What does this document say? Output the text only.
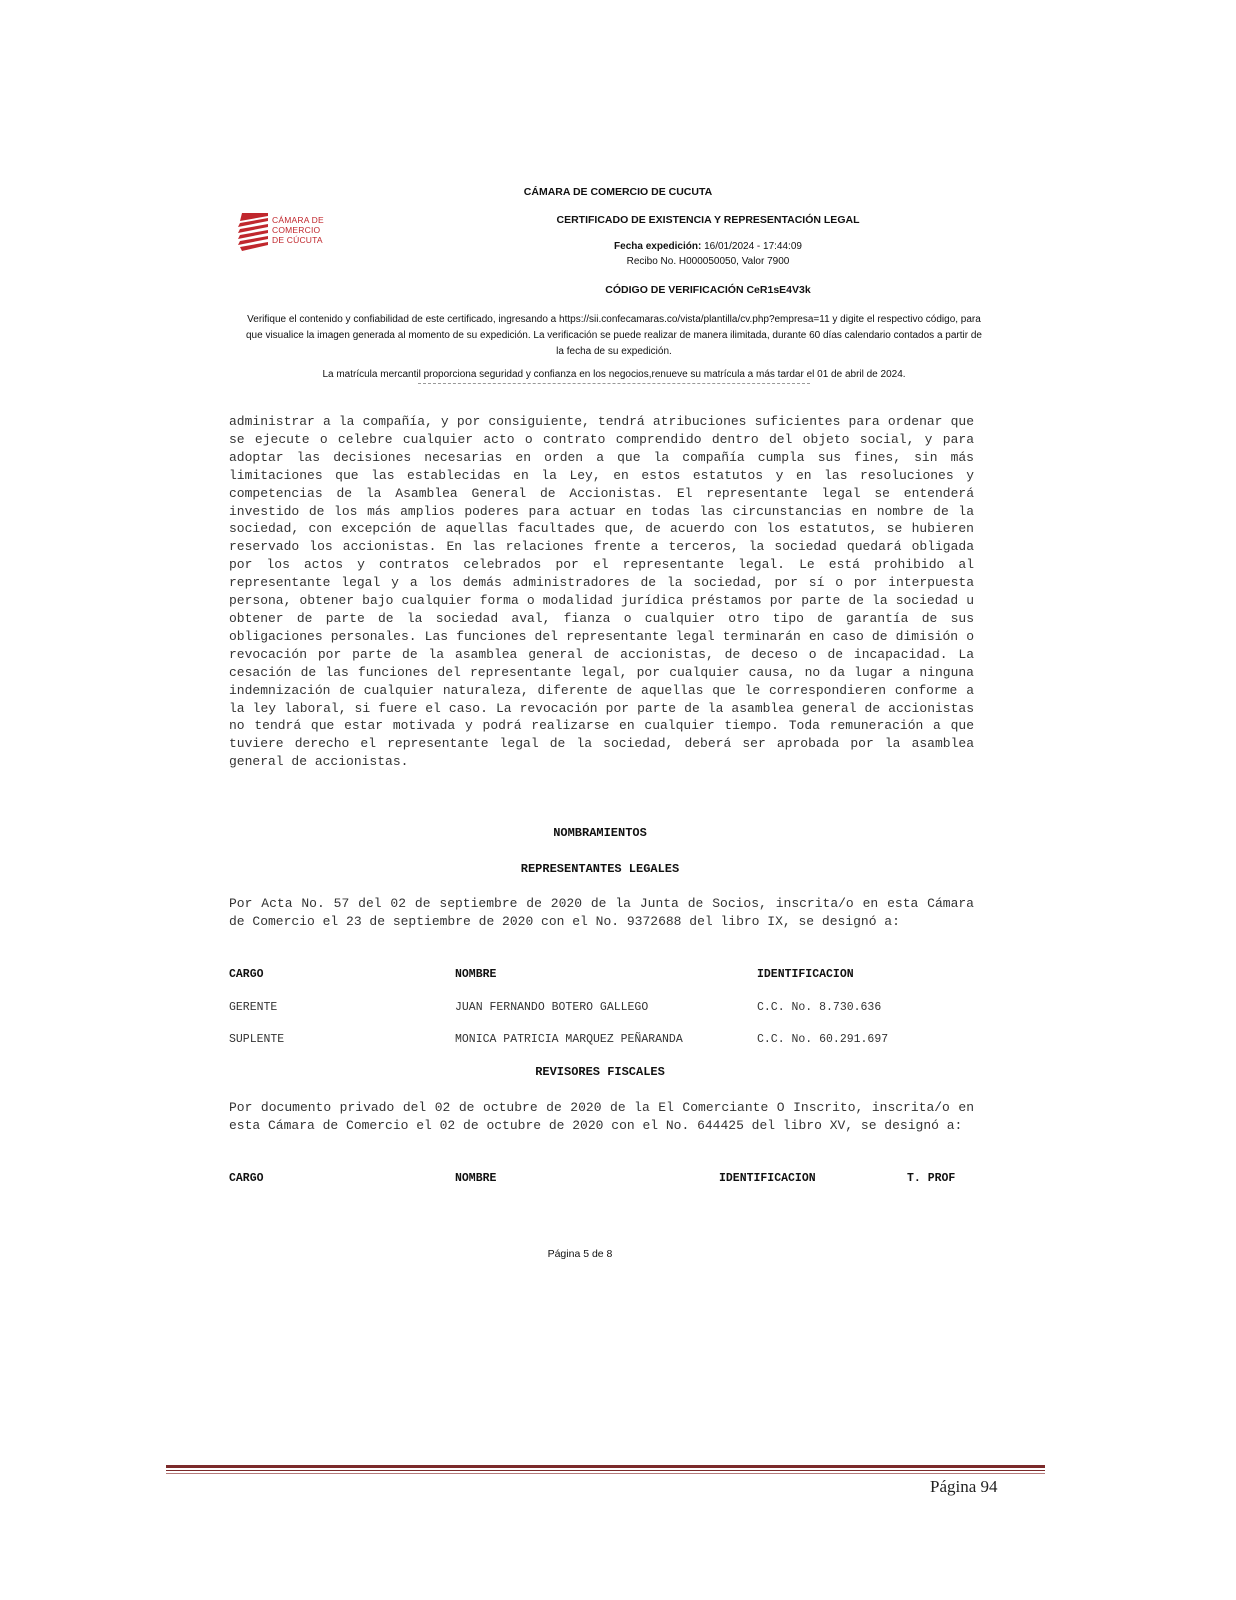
CÁMARA DE
COMERCIO
DE CÚCUTA
CÁMARA DE COMERCIO DE CUCUTA
CERTIFICADO DE EXISTENCIA Y REPRESENTACIÓN LEGAL
Fecha expedición: 16/01/2024 - 17:44:09
Recibo No. H000050050, Valor 7900
CÓDIGO DE VERIFICACIÓN CeR1sE4V3k
Verifique el contenido y confiabilidad de este certificado, ingresando a https://sii.confecamaras.co/vista/plantilla/cv.php?empresa=11 y digite el respectivo código, para que visualice la imagen generada al momento de su expedición. La verificación se puede realizar de manera ilimitada, durante 60 días calendario contados a partir de la fecha de su expedición.
La matrícula mercantil proporciona seguridad y confianza en los negocios,renueve su matrícula a más tardar el 01 de abril de 2024.

administrar a la compañía, y por consiguiente, tendrá atribuciones suficientes para ordenar que se ejecute o celebre cualquier acto o contrato comprendido dentro del objeto social, y para adoptar las decisiones necesarias en orden a que la compañía cumpla sus fines, sin más limitaciones que las establecidas en la Ley, en estos estatutos y en las resoluciones y competencias de la Asamblea General de Accionistas. El representante legal se entenderá investido de los más amplios poderes para actuar en todas las circunstancias en nombre de la sociedad, con excepción de aquellas facultades que, de acuerdo con los estatutos, se hubieren reservado los accionistas. En las relaciones frente a terceros, la sociedad quedará obligada por los actos y contratos celebrados por el representante legal. Le está prohibido al representante legal y a los demás administradores de la sociedad, por sí o por interpuesta persona, obtener bajo cualquier forma o modalidad jurídica préstamos por parte de la sociedad u obtener de parte de la sociedad aval, fianza o cualquier otro tipo de garantía de sus obligaciones personales. Las funciones del representante legal terminarán en caso de dimisión o revocación por parte de la asamblea general de accionistas, de deceso o de incapacidad. La cesación de las funciones del representante legal, por cualquier causa, no da lugar a ninguna indemnización de cualquier naturaleza, diferente de aquellas que le correspondieren conforme a la ley laboral, si fuere el caso. La revocación por parte de la asamblea general de accionistas no tendrá que estar motivada y podrá realizarse en cualquier tiempo. Toda remuneración a que tuviere derecho el representante legal de la sociedad, deberá ser aprobada por la asamblea general de accionistas.

NOMBRAMIENTOS
REPRESENTANTES LEGALES

Por Acta No. 57 del 02 de septiembre de 2020 de la Junta de Socios, inscrita/o en esta Cámara de Comercio el 23 de septiembre de 2020 con el No. 9372688 del libro IX, se designó a:

CARGO	NOMBRE	IDENTIFICACION
GERENTE	JUAN FERNANDO BOTERO GALLEGO	C.C. No. 8.730.636
SUPLENTE	MONICA PATRICIA MARQUEZ PEÑARANDA	C.C. No. 60.291.697
REVISORES FISCALES

Por documento privado del 02 de octubre de 2020 de la El Comerciante O Inscrito, inscrita/o en esta Cámara de Comercio el 02 de octubre de 2020 con el No. 644425 del libro XV, se designó a:

CARGO	NOMBRE	IDENTIFICACION	T. PROF
Página 5 de 8
Página 94
